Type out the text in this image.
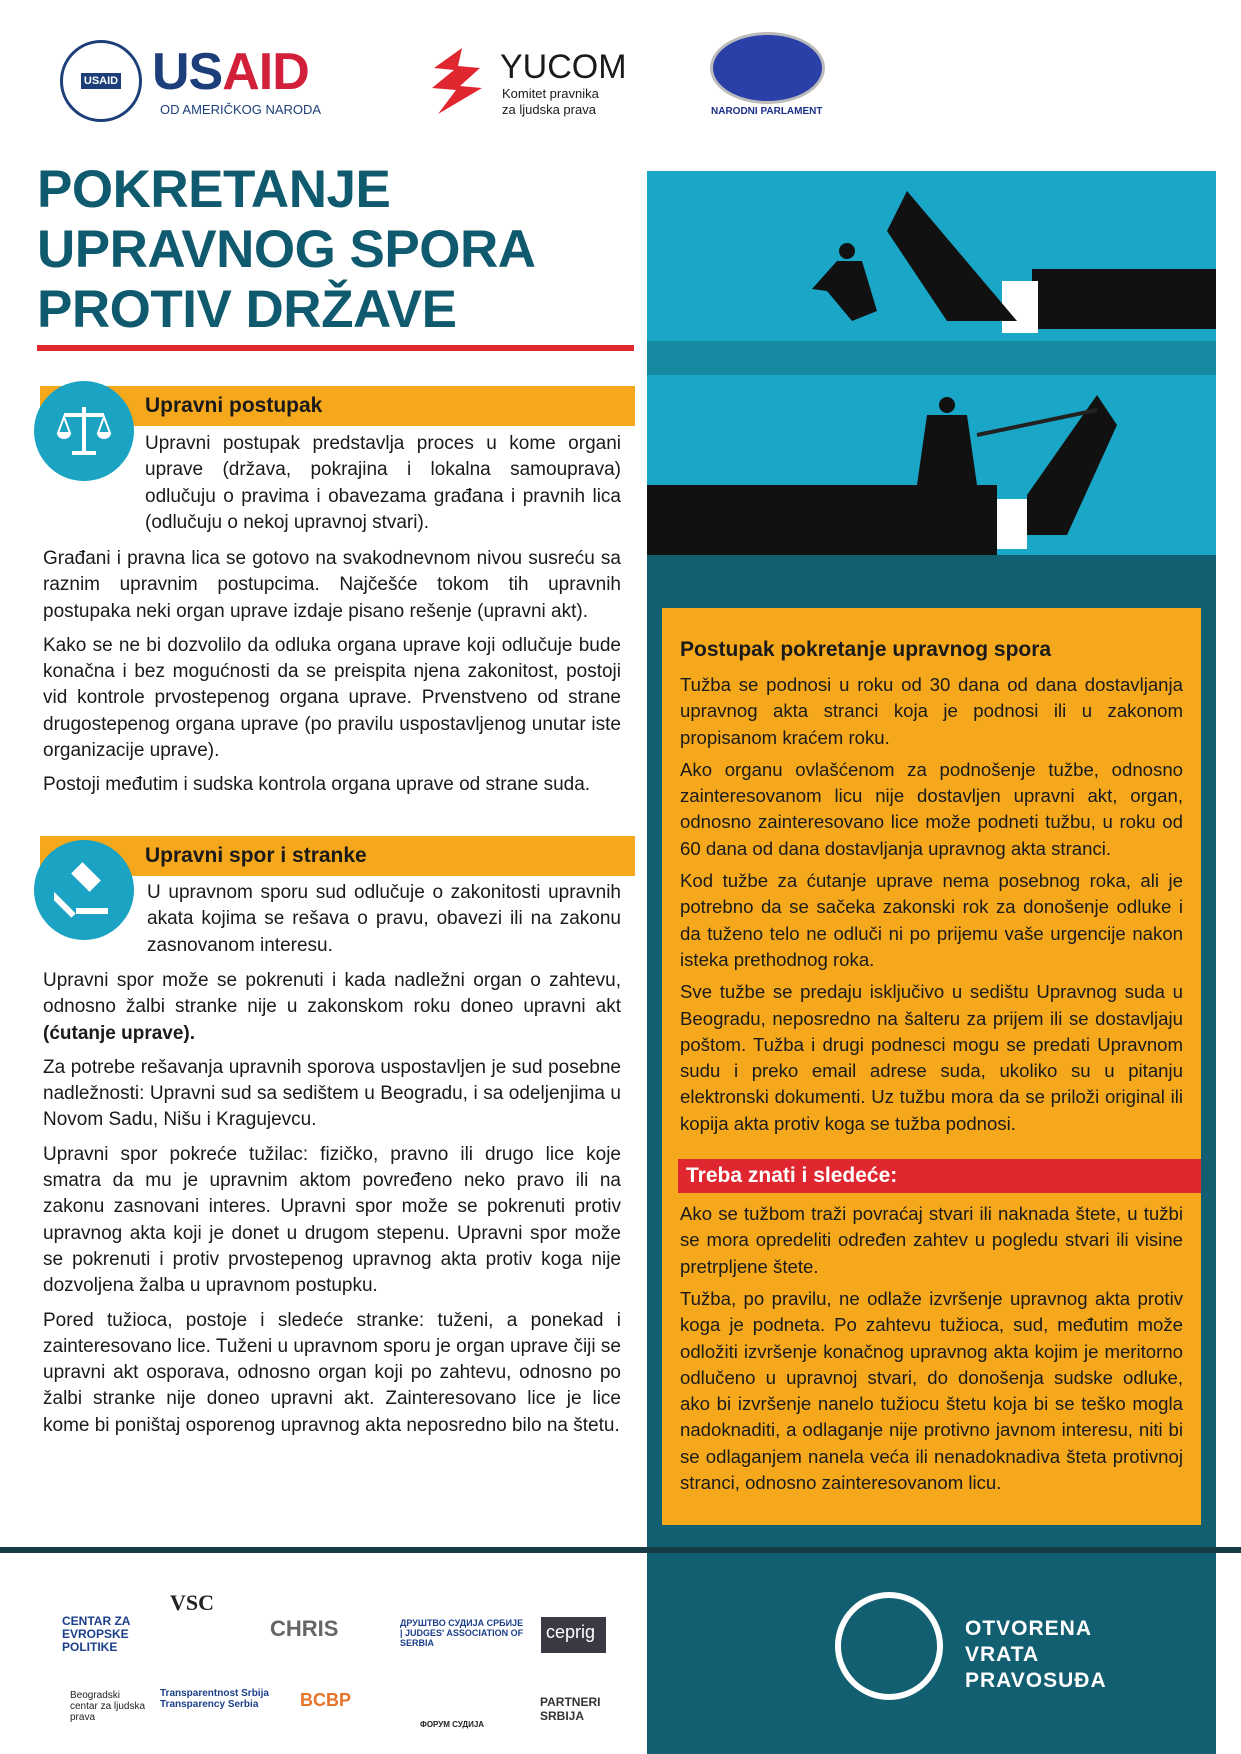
USAID USAID
OD AMERIČKOG NARODA
YUCOM
Komitet pravnika
za ljudska prava	NARODNI PARLAMENT
POKRETANJE
UPRAVNOG SPORA
PROTIV DRŽAVE
Upravni postupak

Upravni postupak predstavlja proces u kome organi uprave (država, pokrajina i lokalna samouprava) odlučuju o pravima i obavezama građana i pravnih lica (odlučuju o nekoj upravnoj stvari).

Građani i pravna lica se gotovo na svakodnevnom nivou susreću sa raznim upravnim postupcima. Najčešće tokom tih upravnih postupaka neki organ uprave izdaje pisano rešenje (upravni akt).

Kako se ne bi dozvolilo da odluka organa uprave koji odlučuje bude konačna i bez mogućnosti da se preispita njena zakonitost, postoji vid kontrole prvostepenog organa uprave. Prvenstveno od strane drugostepenog organa uprave (po pravilu uspostavljenog unutar iste organizacije uprave).

Postoji međutim i sudska kontrola organa uprave od strane suda.

Upravni spor i stranke

U upravnom sporu sud odlučuje o zakonitosti upravnih akata kojima se rešava o pravu, obavezi ili na zakonu zasnovanom interesu.

Upravni spor može se pokrenuti i kada nadležni organ o zahtevu, odnosno žalbi stranke nije u zakonskom roku doneo upravni akt (ćutanje uprave).

Za potrebe rešavanja upravnih sporova uspostavljen je sud posebne nadležnosti: Upravni sud sa sedištem u Beogradu, i sa odeljenjima u Novom Sadu, Nišu i Kragujevcu.

Upravni spor pokreće tužilac: fizičko, pravno ili drugo lice koje smatra da mu je upravnim aktom povređeno neko pravo ili na zakonu zasnovani interes. Upravni spor može se pokrenuti protiv upravnog akta koji je donet u drugom stepenu. Upravni spor može se pokrenuti i protiv prvostepenog upravnog akta protiv koga nije dozvoljena žalba u upravnom postupku.

Pored tužioca, postoje i sledeće stranke: tuženi, a ponekad i zainteresovano lice. Tuženi u upravnom sporu je organ uprave čiji se upravni akt osporava, odnosno organ koji po zahtevu, odnosno po žalbi stranke nije doneo upravni akt. Zainteresovano lice je lice kome bi poništaj osporenog upravnog akta neposredno bilo na štetu.

Postupak pokretanje upravnog spora

Tužba se podnosi u roku od 30 dana od dana dostavljanja upravnog akta stranci koja je podnosi ili u zakonom propisanom kraćem roku.

Ako organu ovlašćenom za podnošenje tužbe, odnosno zainteresovanom licu nije dostavljen upravni akt, organ, odnosno zainteresovano lice može podneti tužbu, u roku od 60 dana od dana dostavljanja upravnog akta stranci.

Kod tužbe za ćutanje uprave nema posebnog roka, ali je potrebno da se sačeka zakonski rok za donošenje odluke i da tuženo telo ne odluči ni po prijemu vaše urgencije nakon isteka prethodnog roka.

Sve tužbe se predaju isključivo u sedištu Upravnog suda u Beogradu, neposredno na šalteru za prijem ili se dostavljaju poštom. Tužba i drugi podnesci mogu se predati Upravnom sudu i preko email adrese suda, ukoliko su u pitanju elektronski dokumenti. Uz tužbu mora da se priloži original ili kopija akta protiv koga se tužba podnosi.

Treba znati i sledeće:

Ako se tužbom traži povraćaj stvari ili naknada štete, u tužbi se mora opredeliti određen zahtev u pogledu stvari ili visine pretrpljene štete.

Tužba, po pravilu, ne odlaže izvršenje upravnog akta protiv koga je podneta. Po zahtevu tužioca, sud, međutim može odložiti izvršenje konačnog upravnog akta kojim je meritorno odlučeno u upravnoj stvari, do donošenja sudske odluke, ako bi izvršenje nanelo tužiocu štetu koja bi se teško mogla nadoknaditi, a odlaganje nije protivno javnom interesu, niti bi se odlaganjem nanela veća ili nenadoknadiva šteta protivnoj stranci, odnosno zainteresovanom licu.

CENTAR ZA EVROPSKE POLITIKE
VSC
CHRIS	ДРУШТВО СУДИЈА СРБИЈЕ | JUDGES' ASSOCIATION OF SERBIA
ceprig
Beogradski centar za ljudska prava
Transparentnost Srbija Transparency Serbia	BCBP
ФОРУМ СУДИЈА
PARTNERI SRBIJA
OTVORENA
VRATA
PRAVOSUĐA
